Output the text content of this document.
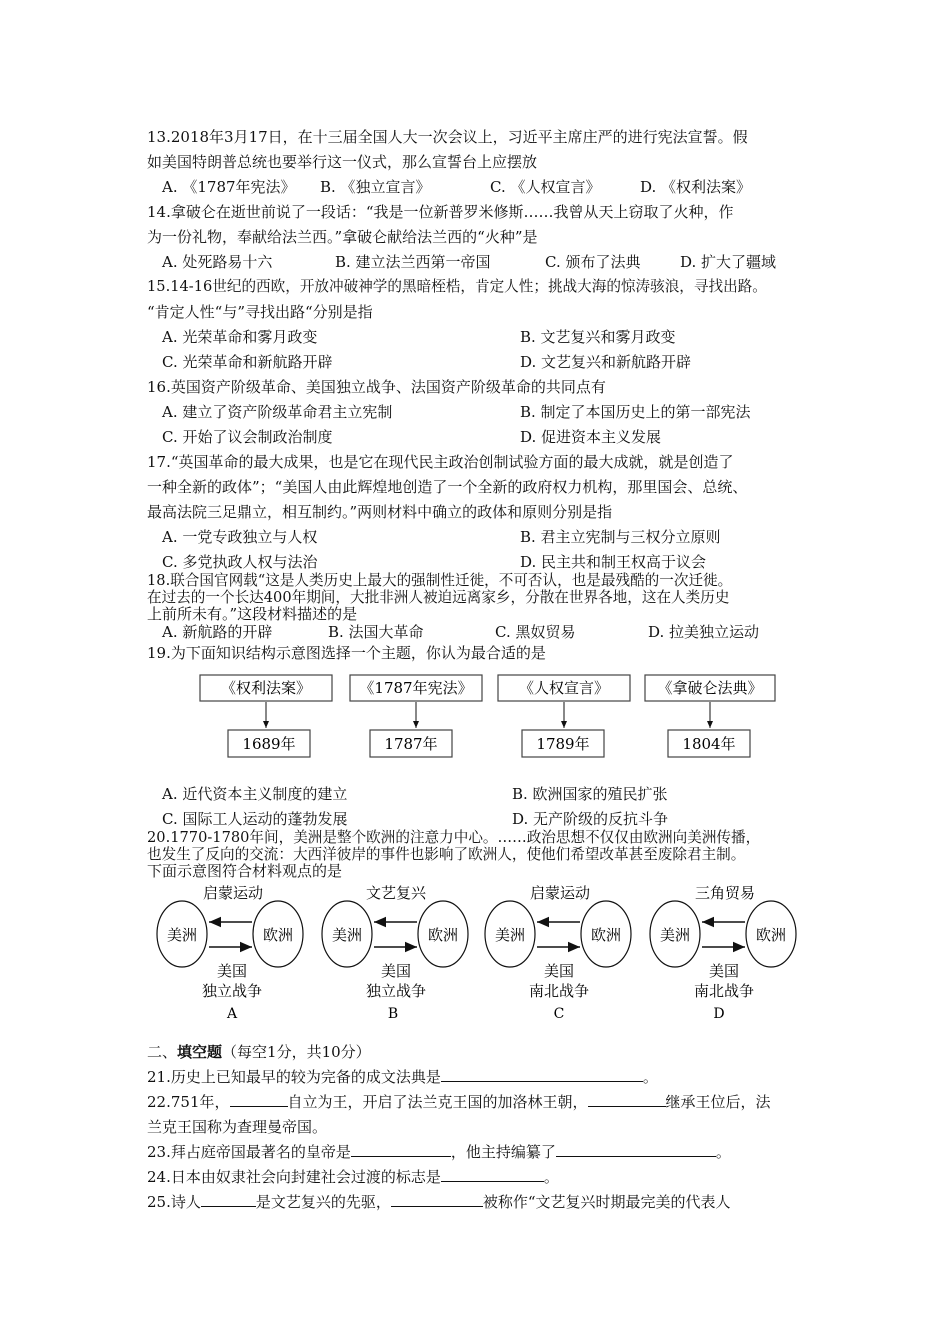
13.2018年3月17日，在十三届全国人大一次会议上，习近平主席庄严的进行宪法宣誓。假
如美国特朗普总统也要举行这一仪式，那么宣誓台上应摆放
A. 《1787年宪法》 B. 《独立宣言》	C. 《人权宣言》	D. 《权利法案》
14.拿破仑在逝世前说了一段话：“我是一位新普罗米修斯……我曾从天上窃取了火种，作
为一份礼物，奉献给法兰西。”拿破仑献给法兰西的“火种”是
A. 处死路易十六	B. 建立法兰西第一帝国	C. 颁布了法典	D. 扩大了疆域
15.14-16世纪的西欧，开放冲破神学的黑暗桎梏，肯定人性；挑战大海的惊涛骇浪，寻找出路。
“肯定人性“与”寻找出路“分别是指
A. 光荣革命和雾月政变	B. 文艺复兴和雾月政变
C. 光荣革命和新航路开辟	D. 文艺复兴和新航路开辟
16.英国资产阶级革命、美国独立战争、法国资产阶级革命的共同点有
A. 建立了资产阶级革命君主立宪制	B. 制定了本国历史上的第一部宪法
C. 开始了议会制政治制度	D. 促进资本主义发展
17.“英国革命的最大成果，也是它在现代民主政治创制试验方面的最大成就，就是创造了
一种全新的政体”；“美国人由此辉煌地创造了一个全新的政府权力机构，那里国会、总统、
最高法院三足鼎立，相互制约。”两则材料中确立的政体和原则分别是指
A. 一党专政独立与人权	B. 君主立宪制与三权分立原则
C. 多党执政人权与法治	D. 民主共和制王权高于议会
18.联合国官网载“这是人类历史上最大的强制性迁徙，不可否认，也是最残酷的一次迁徙。
在过去的一个长达400年期间，大批非洲人被迫远离家乡，分散在世界各地，这在人类历史
上前所未有。”这段材料描述的是
A. 新航路的开辟	B. 法国大革命	C. 黑奴贸易	D. 拉美独立运动
19.为下面知识结构示意图选择一个主题，你认为最合适的是
《权利法案》	《1787年宪法》	《人权宣言》	《拿破仑法典》
1689年	1787年	1789年	1804年
启蒙运动
美洲	欧洲
美国
独立战争
A
文艺复兴
美洲	欧洲
美国
独立战争
B
启蒙运动
美洲	欧洲
美国
南北战争
C
三角贸易
美洲	欧洲
美国
南北战争
D
A. 近代资本主义制度的建立	B. 欧洲国家的殖民扩张
C. 国际工人运动的蓬勃发展	D. 无产阶级的反抗斗争
20.1770-1780年间，美洲是整个欧洲的注意力中心。……政治思想不仅仅由欧洲向美洲传播，
也发生了反向的交流：大西洋彼岸的事件也影响了欧洲人，使他们希望改革甚至废除君主制。
下面示意图符合材料观点的是
二、填空题（每空1分，共10分）
21.历史上已知最早的较为完备的成文法典是	。
22.751年，	自立为王，开启了法兰克王国的加洛林王朝，	继承王位后，法
兰克王国称为查理曼帝国。
23.拜占庭帝国最著名的皇帝是	，他主持编纂了	。
24.日本由奴隶社会向封建社会过渡的标志是	。
25.诗人	是文艺复兴的先驱，	被称作“文艺复兴时期最完美的代表人
